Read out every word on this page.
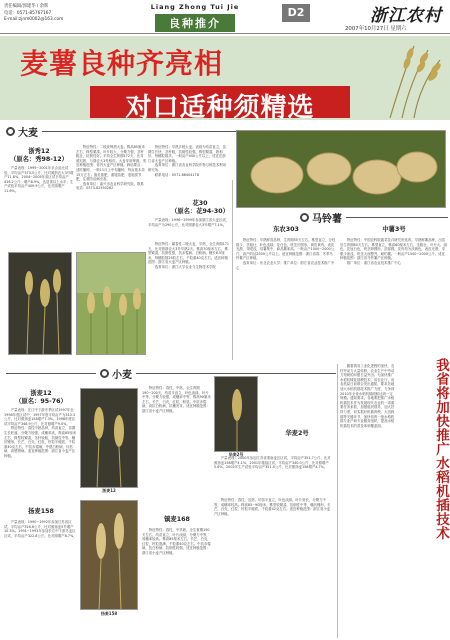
责任编辑/郭建华 / 余辉
电话：0571-85767167
E-mail:zjnm0002@163.com
Liang Zhong Tui Jie
良种推介
D2	浙江农村
2007年10月27日 星期六
麦薯良种齐亮相
对口适种须精选
大麦
浙秀12
（原名：秀98-12）

产量表现：1999~2001年多点品比试验，平均亩产373.5公斤，比对照浙农大3号增产11.8%。2004~2005年省区试平均亩产416.2公斤，增产8.9%，达显著以上水平；生产试验平均亩产409.9公斤，比对照增产11.6%。

特征特性：二棱皮啤酒大麦。株高85厘米左右，株型紧凑，叶片较大，分蘖力强，茎秆粗壮，抗倒性好。平均全生育期172天，比对照迟熟，与浙农大3号相仿。大麦芽用啤酒。适宜种植范围：省内大麦产区种植。栽培要点：适时播种，一般11月上中旬播种，每亩基本苗15万左右；施足基肥，重施苗肥，适施拔节肥，注意防治病虫害。

选育单位：嘉兴市农业科学研究院。联系电话：0573-82550262

特征特性：早熟多棱大麦。表现为幼苗直立，苗期生长快，茎秆粗，抗倒性较强，株型紧凑，熟相好，每穗粒数多。一般亩产400公斤以上，适宜在浙江省大麦产区种植。

选育单位：浙江省农业科学院作物与核技术利用研究所

联系电话：0571-86404178

花30
（原名：花94-30）

产量表现：1996~1999年参加浙江省大麦区试，平均亩产为290公斤，比对照浙农大3号增产7.1%。

特征特性：属春性二棱大麦，早熟，全生育期171天，比对照浙农大3号早熟2天。株高70厘米左右，株型紧凑，抗倒性强，抗赤霉病、白粉病。穗长6.5厘米，每穗粒数25粒左右，千粒重40克左右。适宜种植范围：浙江省大麦产区种植。

选育单位：浙江大学农业与生物技术学院

马铃薯
东农303	中薯3号

特征特性：早熟鲜食品种，生育期55天左右。株型直立，分枝数少，茎粗壮，叶色浅绿，花白色，块茎长圆形，黄皮黄肉，表皮光滑，芽眼浅，结薯集中，商品薯率高。一般亩产1500~2000公斤，高产的达2500公斤以上。适宜种植范围：浙江省春、冬季马铃薯产区种植。

选育单位：东北农业大学；推广单位：浙江省农业技术推广中心

特征特性：中国农科院蔬菜花卉研究所选育。早熟鲜薯品种，出苗后生育期80天左右。株型直立，株高60厘米左右，茎粗壮，叶片大，绿色，花冠白色，块茎卵圆形，顶部圆，皮肉均为淡黄色，表皮光滑，芽眼少而浅，块茎大而整齐，耐贮藏。一般亩产1500~2000公斤。适宜种植范围：浙江省马铃薯产区种植。

推广单位：浙江省农业技术推广中心

小麦
浙麦12
（原名：95-76）

产量表现：在江中下游冬季区试1997年至1998年度区试中，1997年度平均亩产为310.3公斤，比对照扬麦158增产7.3%。1998年度区试平均亩产348.9公斤，比对照增产9.0%。

特征特性：春性中熟品种，幼苗直立，苗期生长旺盛，分蘖力较强，成穗率高，株高85厘米左右，株型较紧凑，茎秆较粗，抗倒性中等，穗纺锤形，长芒，白壳，红粒，籽粒半硬质，千粒重40克左右，中抗赤霉病，中感白粉病、纹枯病，高感锈病。适宜种植范围：浙江省小麦产区种植。

浙麦12
扬麦158

产量表现：1990~1992年参加江苏省区试，平均亩产316.6公斤，比对照扬麦5号增产10.3%。1991~1993年参加长江中下游冬麦区区试，平均亩产322.8公斤，比对照增产8.7%。

扬麦158

特征特性：春性，中熟，全生育期190~200天，幼苗半直立，叶色淡绿，叶片中等，分蘖力较强，成穗率中等，株高90厘米左右，长芒，白壳，红粒，粉质。中抗赤霉病，高抗白粉病，抗穗发芽。适宜种植范围：浙江省小麦产区种植。

镇麦168

特征特性：春性，中早熟，全生育期190天左右。幼苗直立，叶片淡绿，分蘖力中等，成穗率较高。株高85厘米左右，长芒，白壳，红粒，籽粒饱满，千粒重40克左右。中抗赤霉病，抗白粉病，抗倒性较强。适宜种植范围：浙江省小麦产区种植。

华麦2号

产量表现：2000年参加江苏省淮南麦区区试，平均亩产351.7公斤，比对照扬麦158增产4.1%；2001年继续区试，平均亩产340.0公斤，比对照增产5.6%。2002年生产试验平均亩产351.5公斤，比对照扬麦158增产4.7%。

特征特性：春性，迟熟，幼苗半直立，叶色淡绿，叶片宽长，分蘖力中等，成穗率较高。株高85~90厘米，株型较紧凑，抗倒性中等，穗纺锤形，长芒，白壳，红粒，籽粒半硬质，千粒重42克左右。适宜种植范围：浙江省小麦产区种植。

华麦2号

随着我省工业化进程的加快，农村劳动力大量转移，农业生产中劳动力短缺的问题日益突出。为加快推广水稻机械化插秧技术，省农业厅、省农机局日前联合发出通知，要求各地加大水稻机插技术推广力度，力争到2010年全省水稻机插面积达到一定规模。通知要求，各地要把推广水稻机插技术作为发展现代农业的一项重要任务来抓，加强组织领导，加大扶持力度，切实抓好机插育秧、大田栽插等关键环节，加快培育一批水稻机插专业户和专业服务组织，提高水稻机插技术的普及率和覆盖面。	我省将加快推广水稻机插技术
